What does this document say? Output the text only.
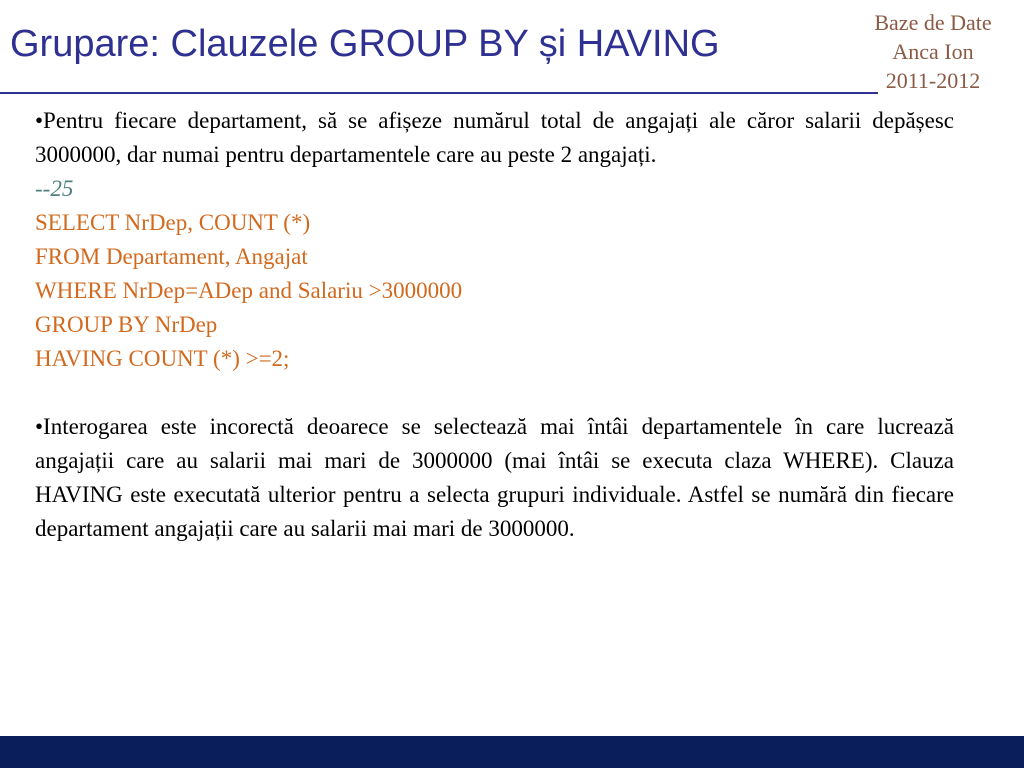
Grupare: Clauzele GROUP BY și HAVING
Baze de Date
Anca Ion
2011-2012

•Pentru fiecare departament, să se afișeze numărul total de angajați ale căror salarii depășesc 3000000, dar numai pentru departamentele care au peste 2 angajați.

--25
SELECT NrDep, COUNT (*)
FROM Departament, Angajat
WHERE NrDep=ADep and Salariu >3000000
GROUP BY NrDep
HAVING COUNT (*) >=2;

•Interogarea este incorectă deoarece se selectează mai întâi departamentele în care lucrează angajații care au salarii mai mari de 3000000 (mai întâi se executa claza WHERE). Clauza HAVING este executată ulterior pentru a selecta grupuri individuale. Astfel se numără din fiecare departament angajații care au salarii mai mari de 3000000.
